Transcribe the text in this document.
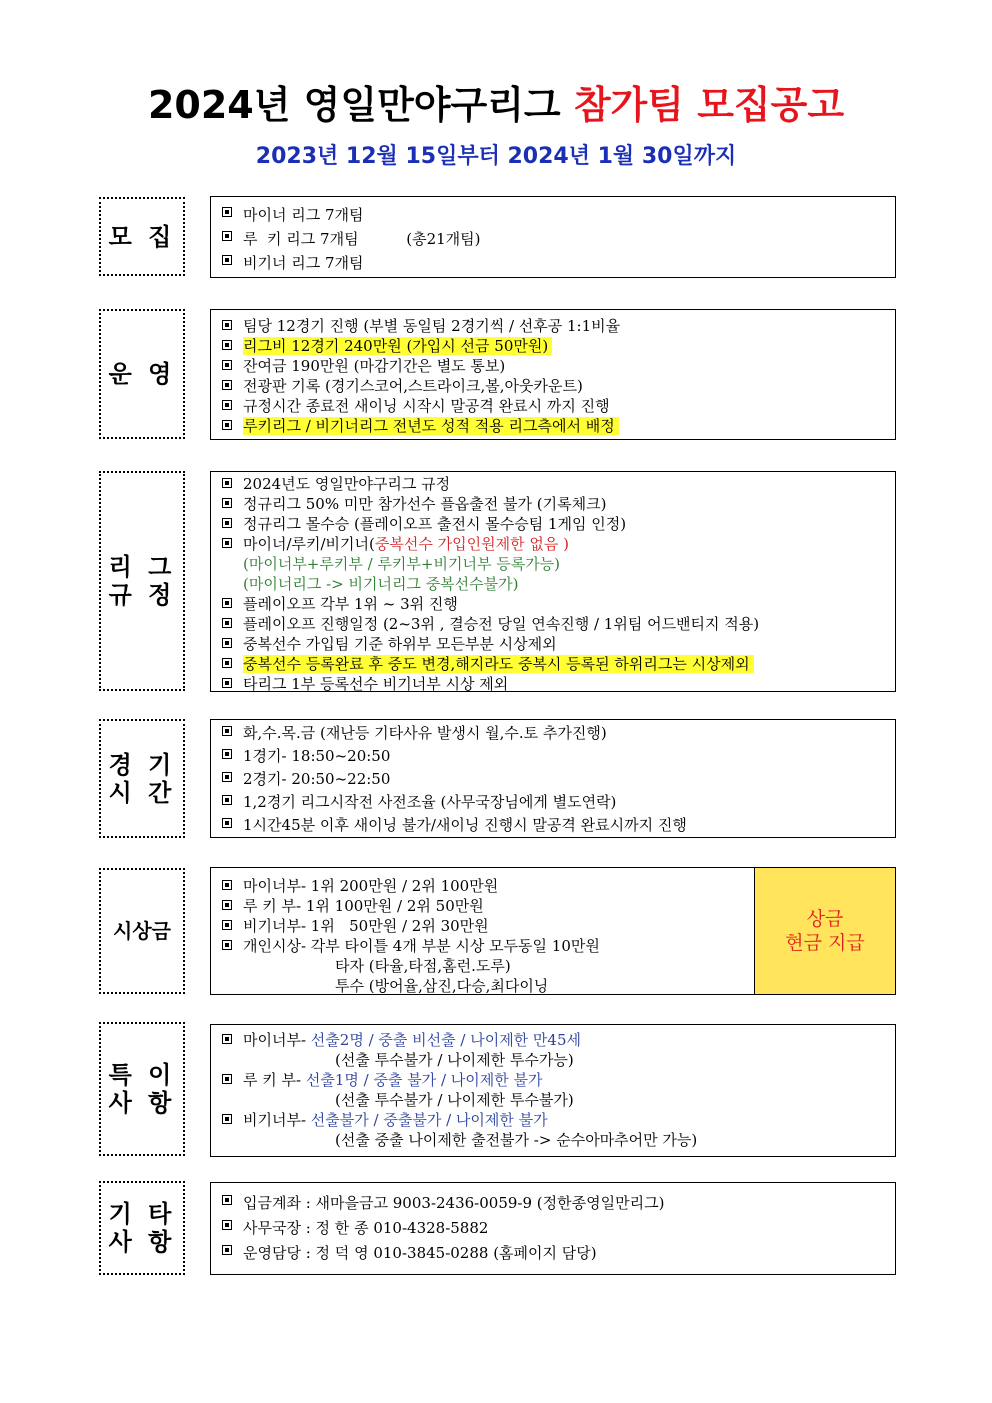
2024년 영일만야구리그 참가팀 모집공고
2023년 12월 15일부터 2024년 1월 30일까지
모 집
마이너 리그 7개팀
루  키 리그 7개팀          (총21개팀)
비기너 리그 7개팀
운 영
팀당 12경기 진행 (부별 동일팀 2경기씩 / 선후공 1:1비율
리그비 12경기 240만원 (가입시 선금 50만원)
잔여금 190만원 (마감기간은 별도 통보)
전광판 기록 (경기스코어,스트라이크,볼,아웃카운트)
규정시간 종료전 새이닝 시작시 말공격 완료시 까지 진행
루키리그 / 비기너리그 전년도 성적 적용 리그측에서 배정
리 그
규 정
2024년도 영일만야구리그 규정
정규리그 50% 미만 참가선수 플옵출전 불가 (기록체크)
정규리그 몰수승 (플레이오프 출전시 몰수승팀 1게임 인정)
마이너/루키/비기너(중복선수 가입인원제한 없음 )
(마이너부+루키부 / 루키부+비기너부 등록가능)
(마이너리그 -> 비기너리그 중복선수불가)
플레이오프 각부 1위 ~ 3위 진행
플레이오프 진행일정 (2~3위 , 결승전 당일 연속진행 / 1위팀 어드밴티지 적용)
중복선수 가입팀 기준 하위부 모든부분 시상제외
중복선수 등록완료 후 중도 변경,해지라도 중복시 등록된 하위리그는 시상제외
타리그 1부 등록선수 비기너부 시상 제외
경 기
시 간
화,수.목.금 (재난등 기타사유 발생시 월,수.토 추가진행)
1경기- 18:50~20:50
2경기- 20:50~22:50
1,2경기 리그시작전 사전조율 (사무국장님에게 별도연락)
1시간45분 이후 새이닝 불가/새이닝 진행시 말공격 완료시까지 진행
시상금
마이너부- 1위 200만원 / 2위 100만원
루 키 부- 1위 100만원 / 2위 50만원
비기너부- 1위   50만원 / 2위 30만원
개인시상- 각부 타이틀 4개 부분 시상 모두동일 10만원
타자 (타율,타점,홈런.도루)
투수 (방어율,삼진,다승,최다이닝
상금
현금 지급
특 이
사 항
마이너부- 선출2명 / 중출 비선출 / 나이제한 만45세
(선출 투수불가 / 나이제한 투수가능)
루 키 부- 선출1명 / 중출 불가 / 나이제한 불가
(선출 투수불가 / 나이제한 투수불가)
비기너부- 선출불가 / 중출불가 / 나이제한 불가
(선출 중출 나이제한 출전불가 -> 순수아마추어만 가능)
기 타
사 항
입금계좌 : 새마을금고 9003-2436-0059-9 (정한종영일만리그)
사무국장 : 정 한 종 010-4328-5882
운영담당 : 정 덕 영 010-3845-0288 (홈페이지 담당)
